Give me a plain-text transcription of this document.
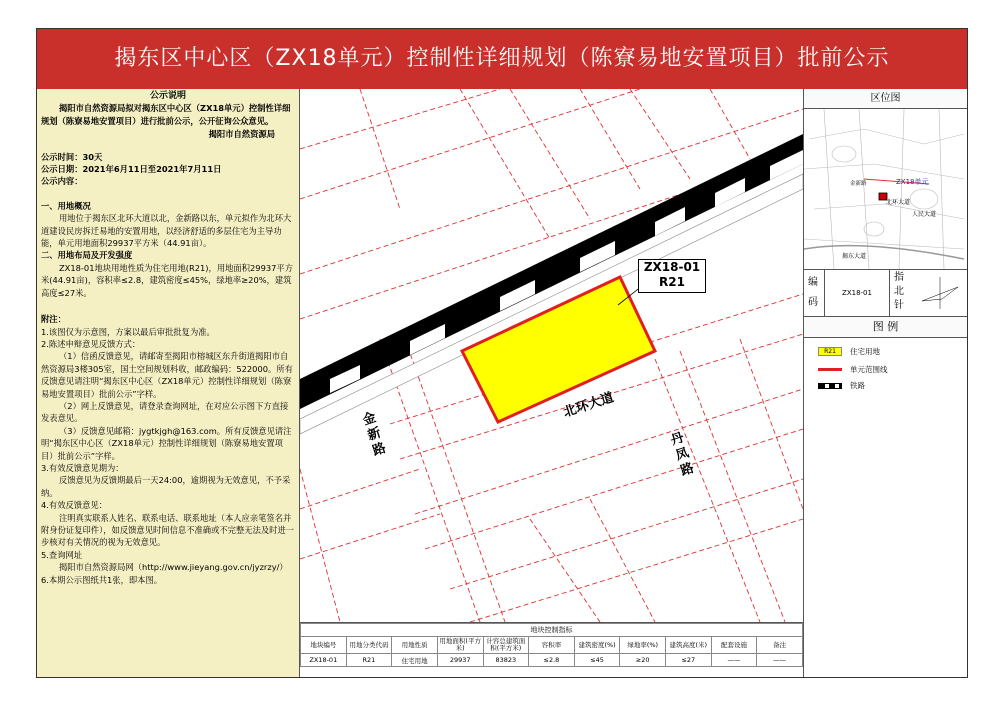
揭东区中心区（ZX18单元）控制性详细规划（陈寮易地安置项目）批前公示
公示说明

揭阳市自然资源局拟对揭东区中心区（ZX18单元）控制性详细规划（陈寮易地安置项目）进行批前公示，公开征询公众意见。

揭阳市自然资源局

公示时间：30天

公示日期：2021年6月11日至2021年7月11日

公示内容：

一、用地概况

用地位于揭东区北环大道以北，金新路以东，单元拟作为北环大道建设民房拆迁易地的安置用地，以经济舒适的多层住宅为主导功能，单元用地面积29937平方米（44.91亩）。

二、用地布局及开发强度

ZX18-01地块用地性质为住宅用地(R21)，用地面积29937平方米(44.91亩)，容积率≤2.8，建筑密度≤45%，绿地率≥20%，建筑高度≤27米。

附注：

1.该图仅为示意图，方案以最后审批批复为准。

2.陈述申辩意见反馈方式：

（1）信函反馈意见，请邮寄至揭阳市榕城区东升街道揭阳市自然资源局3楼305室，国土空间规划科收，邮政编码：522000。所有反馈意见请注明“揭东区中心区（ZX18单元）控制性详细规划（陈寮易地安置项目）批前公示”字样。

（2）网上反馈意见，请登录查询网址，在对应公示图下方直接发表意见。

（3）反馈意见邮箱：jygtkjgh@163.com。所有反馈意见请注明“揭东区中心区（ZX18单元）控制性详细规划（陈寮易地安置项目）批前公示”字样。

3.有效反馈意见期为：

反馈意见为反馈期最后一天24:00，逾期视为无效意见，不予采纳。

4.有效反馈意见：

注明真实联系人姓名、联系电话、联系地址（本人应亲笔签名并附身份证复印件），如反馈意见时间信息不准确或不完整无法及时进一步核对有关情况的视为无效意见。

5.查询网址

揭阳市自然资源局网（http://www.jieyang.gov.cn/jyzrzy/）

6.本期公示图纸共1张，即本图。

ZX18-01
R21
金新路
北环大道
丹凤路
地块控制指标										
地块编号	用地分类代码	用地性质	用地面积(平方米)	计容总建筑面积(平方米)	容积率	建筑密度(%)	绿地率(%)	建筑高度(米)	配套设施	备注
ZX18-01	R21	住宅用地	29937	83823	≤2.8	≤45	≥20	≤27	——	——
区位图
ZX18单元
北环大道
揭东大道
金新路
人民大道
编码
ZX18-01
指北针
图 例
R21	住宅用地
单元范围线
铁路
